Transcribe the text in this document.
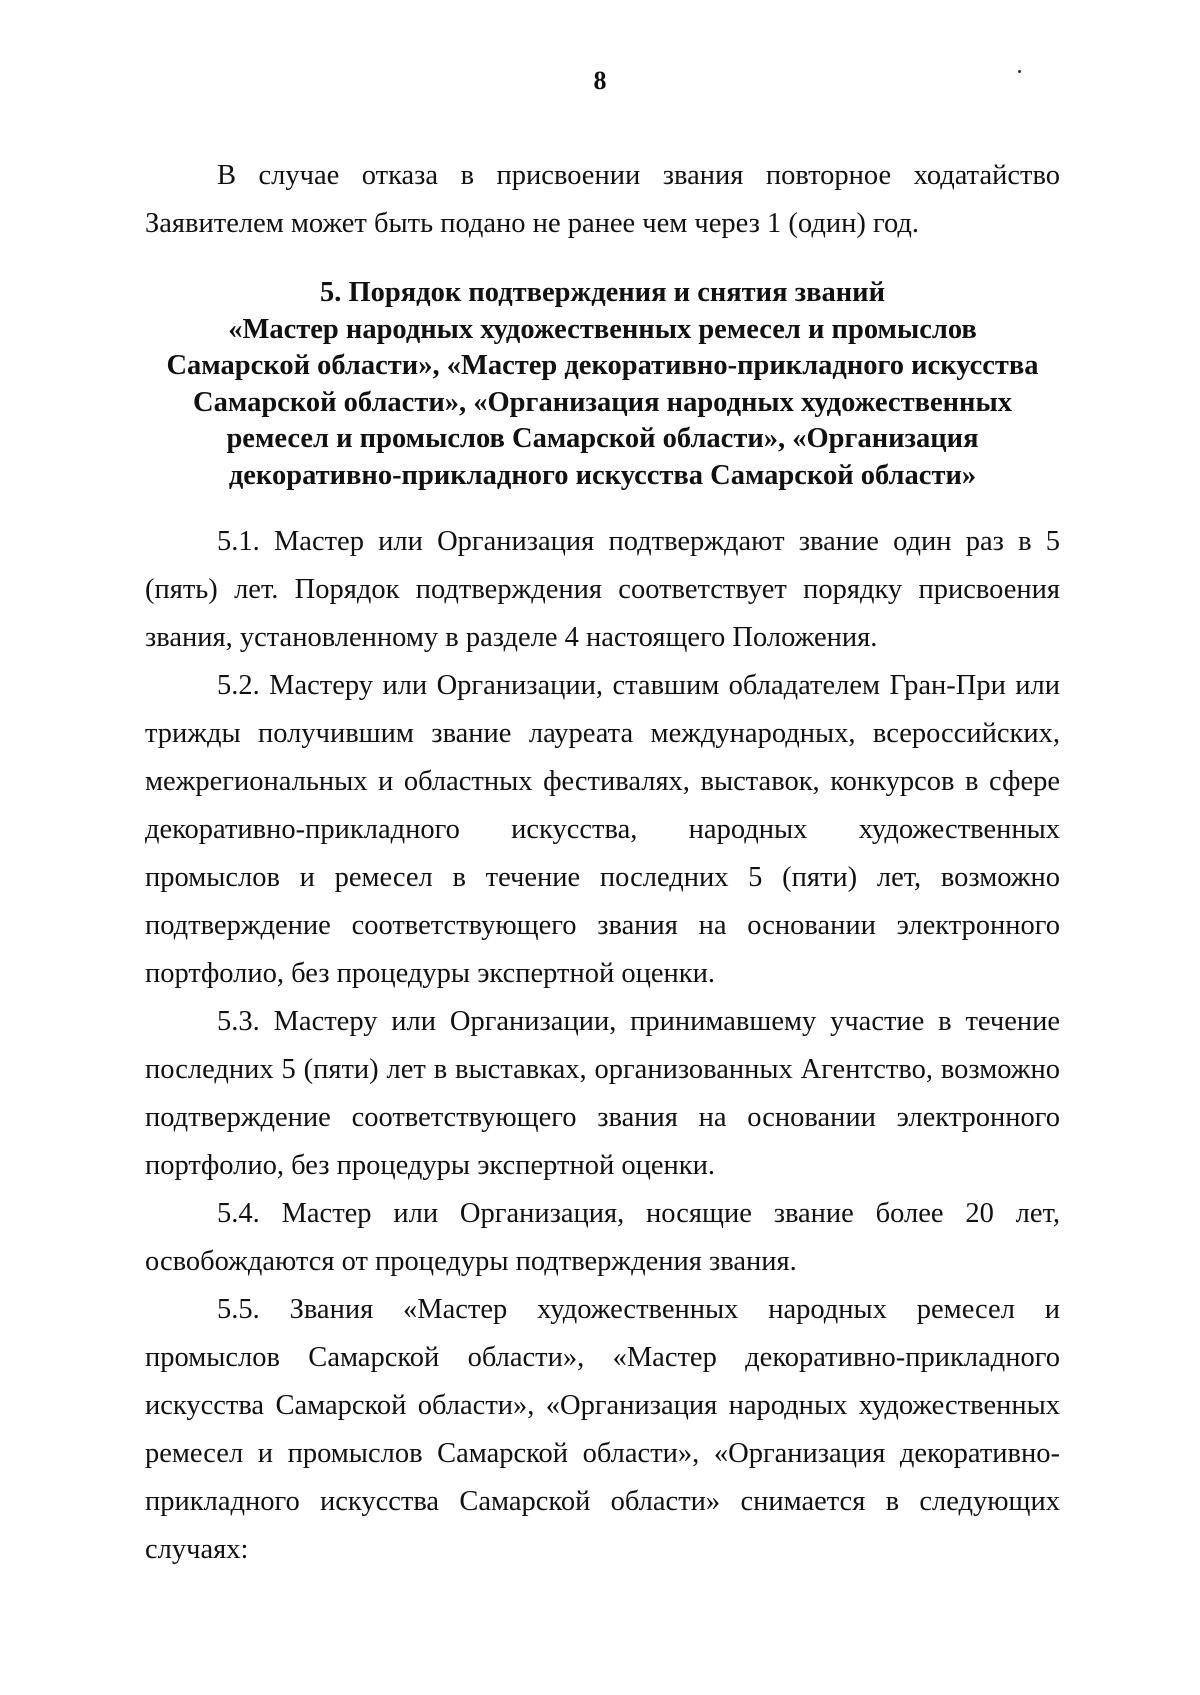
8

В случае отказа в присвоении звания повторное ходатайство Заявителем может быть подано не ранее чем через 1 (один) год.

5. Порядок подтверждения и снятия званий
«Мастер народных художественных ремесел и промыслов
Самарской области», «Мастер декоративно-прикладного искусства
Самарской области», «Организация народных художественных
ремесел и промыслов Самарской области», «Организация
декоративно-прикладного искусства Самарской области»

5.1. Мастер или Организация подтверждают звание один раз в 5 (пять) лет. Порядок подтверждения соответствует порядку присвоения звания, установленному в разделе 4 настоящего Положения.

5.2. Мастеру или Организации, ставшим обладателем Гран-При или трижды получившим звание лауреата международных, всероссийских, межрегиональных и областных фестивалях, выставок, конкурсов в сфере декоративно-прикладного искусства, народных художественных промыслов и ремесел в течение последних 5 (пяти) лет, возможно подтверждение соответствующего звания на основании электронного портфолио, без процедуры экспертной оценки.

5.3. Мастеру или Организации, принимавшему участие в течение последних 5 (пяти) лет в выставках, организованных Агентство, возможно подтверждение соответствующего звания на основании электронного портфолио, без процедуры экспертной оценки.

5.4. Мастер или Организация, носящие звание более 20 лет, освобождаются от процедуры подтверждения звания.

5.5. Звания «Мастер художественных народных ремесел и промыслов Самарской области», «Мастер декоративно-прикладного искусства Самарской области», «Организация народных художественных ремесел и промыслов Самарской области», «Организация декоративно-прикладного искусства Самарской области» снимается в следующих случаях:
